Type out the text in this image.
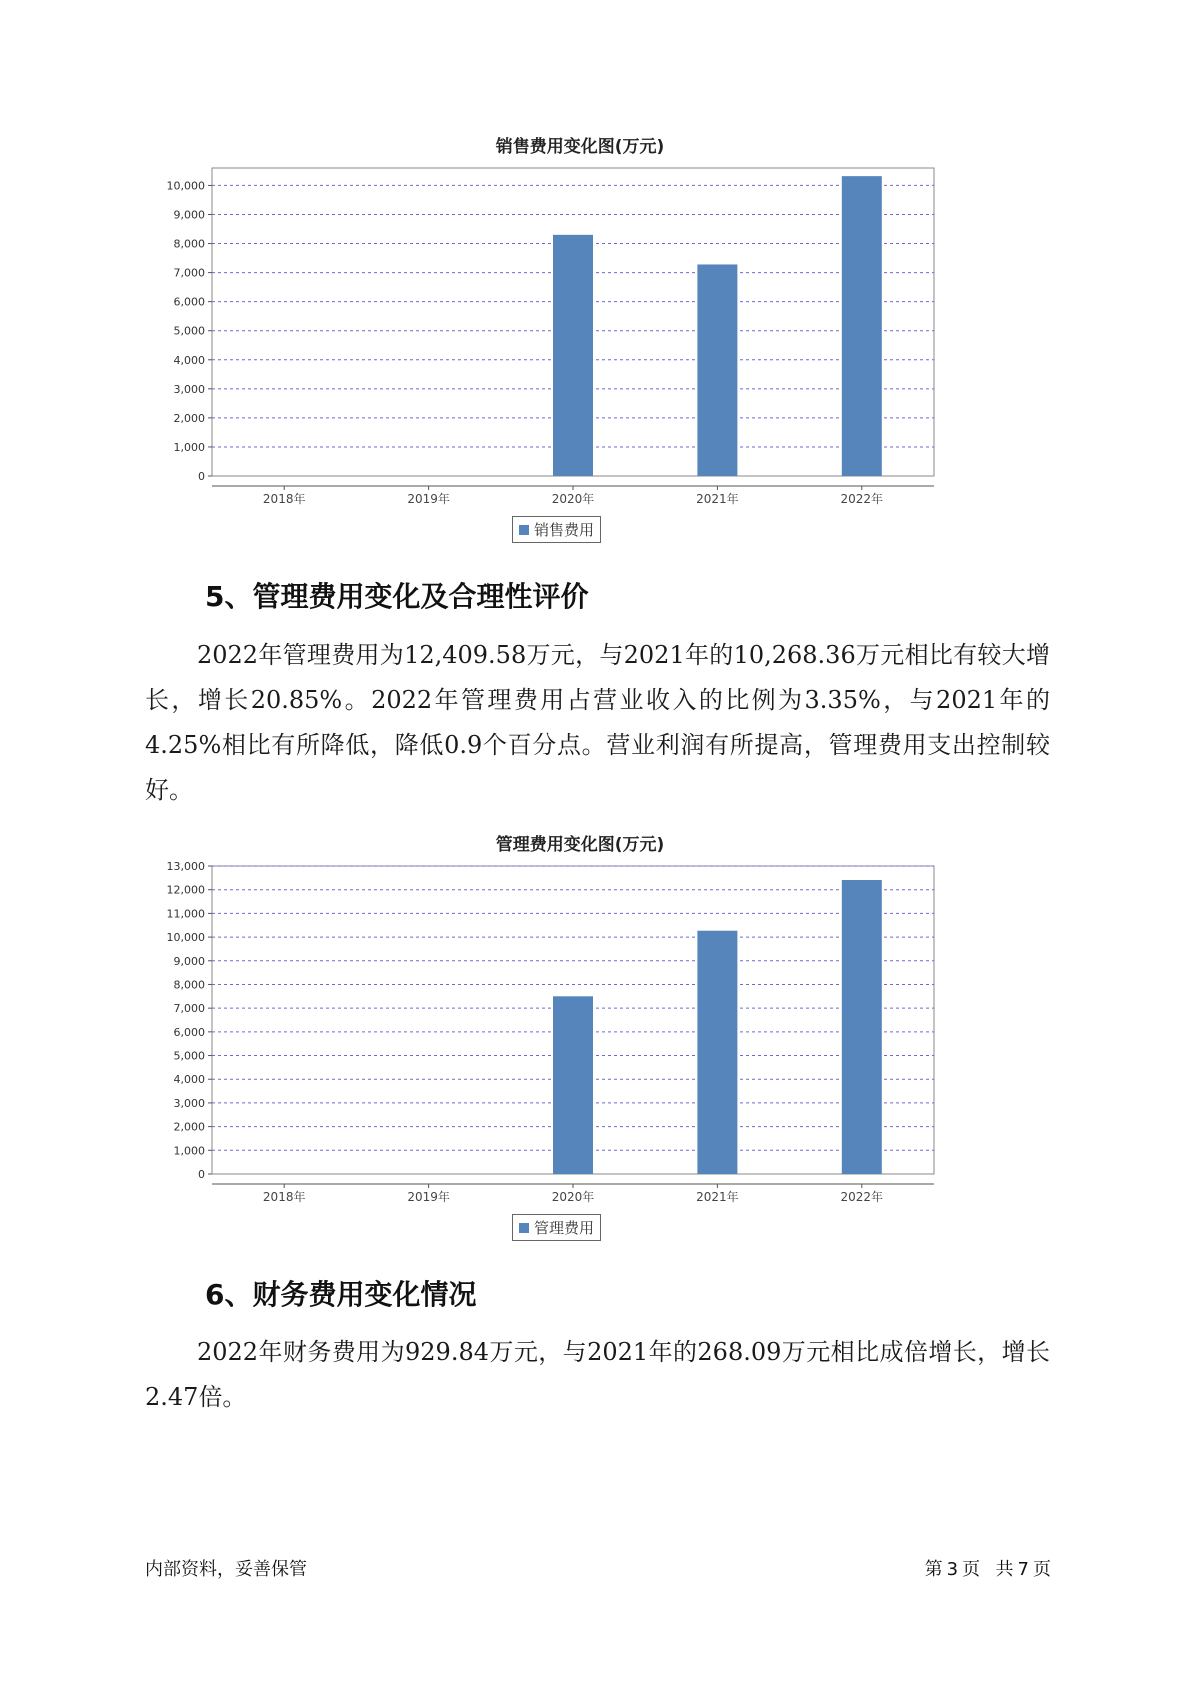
销售费用变化图(万元)
0
1,000
2,000
3,000
4,000
5,000
6,000
7,000
8,000
9,000
10,000
2018年	2019年	2020年	2021年	2022年
销售费用
5、管理费用变化及合理性评价
2022年管理费用为12,409.58万元，与2021年的10,268.36万元相比有较大增长，增长20.85%。2022年管理费用占营业收入的比例为3.35%，与2021年的4.25%相比有所降低，降低0.9个百分点。营业利润有所提高，管理费用支出控制较好。
管理费用变化图(万元)
0
1,000
2,000
3,000
4,000
5,000
6,000
7,000
8,000
9,000
10,000
11,000
12,000
13,000
2018年	2019年	2020年	2021年	2022年
管理费用
6、财务费用变化情况
2022年财务费用为929.84万元，与2021年的268.09万元相比成倍增长，增长2.47倍。
内部资料，妥善保管	第 3 页 共 7 页
